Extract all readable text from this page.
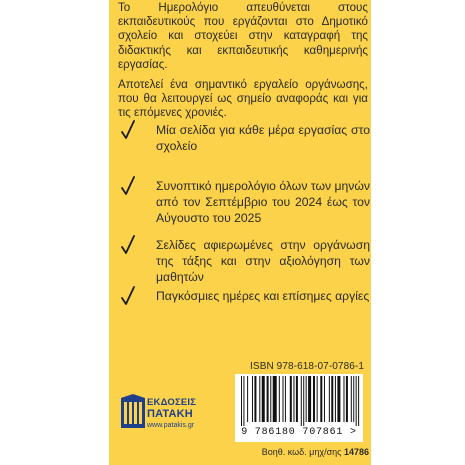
Το Ημερολόγιο απευθύνεται στους εκπαιδευτικούς που εργάζονται στο Δημοτικό σχολείο και στοχεύει στην καταγραφή της διδακτικής και εκπαιδευτικής καθημερινής εργασίας.

Αποτελεί ένα σημαντικό εργαλείο οργάνωσης, που θα λειτουργεί ως σημείο αναφοράς και για τις επόμενες χρονιές.

Μία σελίδα για κάθε μέρα εργασίας στο σχολείο
Συνοπτικό ημερολόγιο όλων των μηνών από τον Σεπτέμβριο του 2024 έως τον Αύγουστο του 2025
Σελίδες αφιερωμένες στην οργάνωση της τάξης και στην αξιολόγηση των μαθητών
Παγκόσμιες ημέρες και επίσημες αργίες
ISBN 978-618-07-0786-1
ΕΚΔΟΣΕΙΣ
ΠΑΤΑΚΗ
www.patakis.gr
9 786180 707861 >
Βοηθ. κωδ. μηχ/σης 14786
